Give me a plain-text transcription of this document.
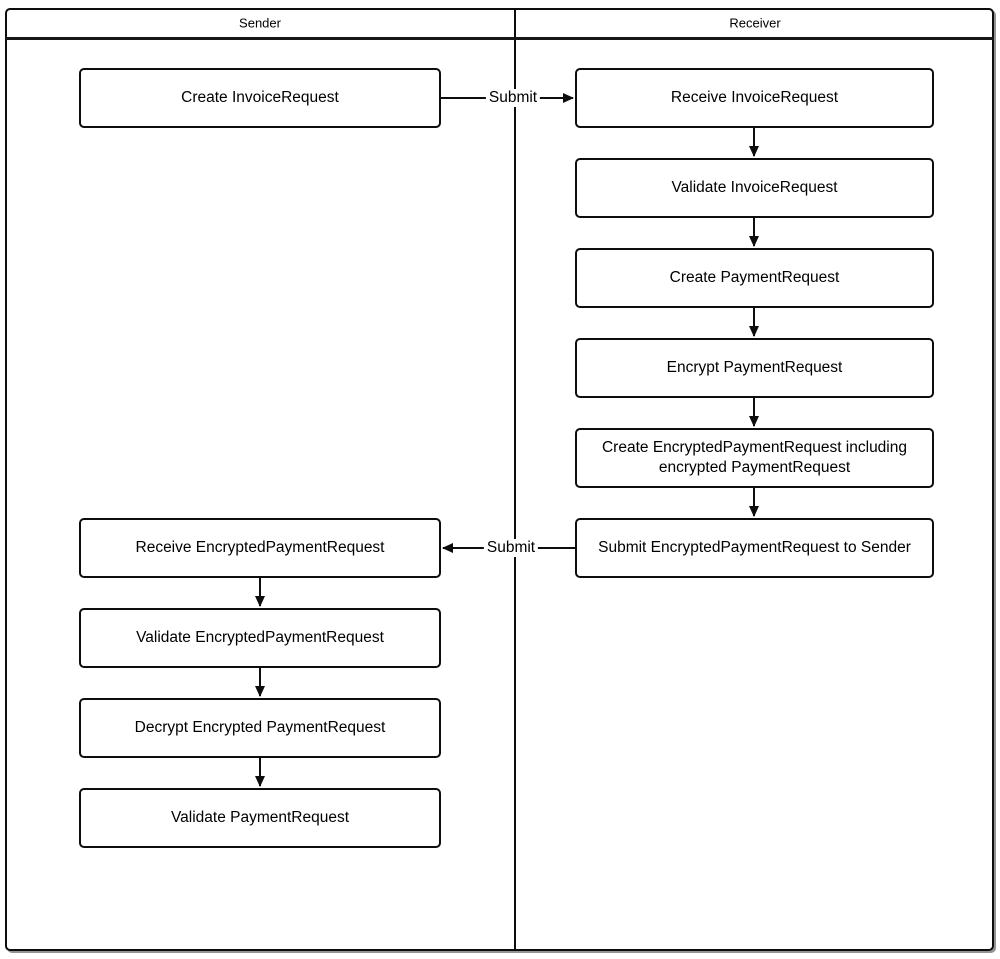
Sender	Receiver
Submit
Submit
Create InvoiceRequest
Receive EncryptedPaymentRequest
Validate EncryptedPaymentRequest
Decrypt Encrypted PaymentRequest
Validate PaymentRequest
Receive InvoiceRequest
Validate InvoiceRequest
Create PaymentRequest
Encrypt PaymentRequest
Create EncryptedPaymentRequest including encrypted PaymentRequest
Submit EncryptedPaymentRequest to Sender
